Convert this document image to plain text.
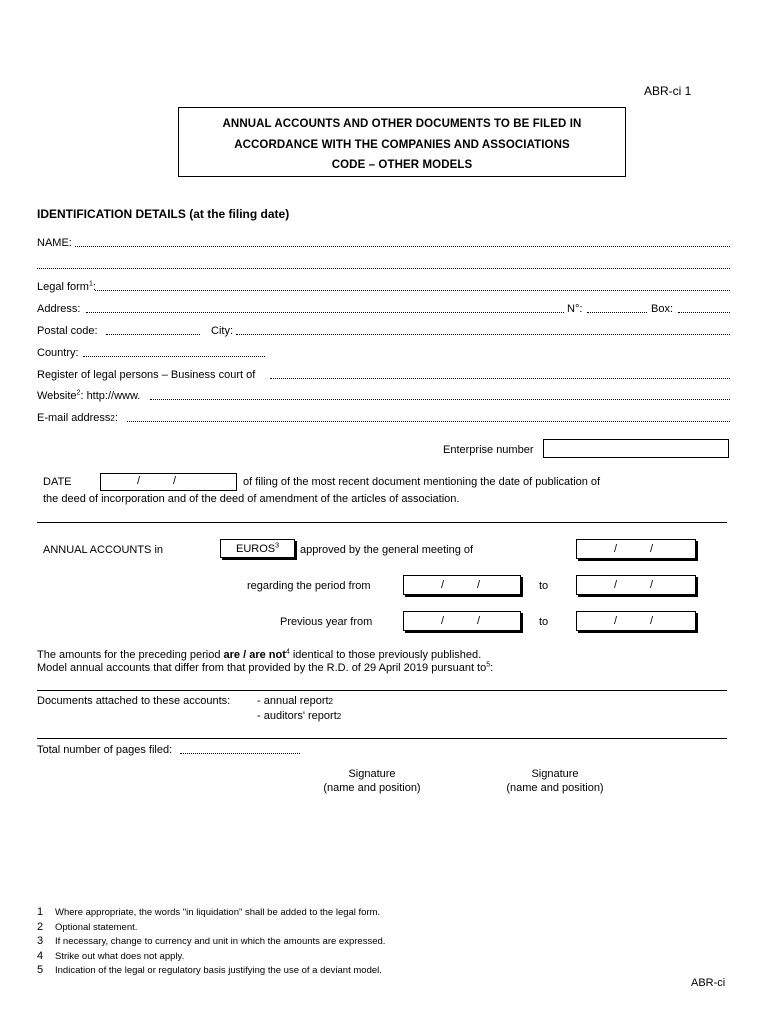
ABR-ci 1
ANNUAL ACCOUNTS AND OTHER DOCUMENTS TO BE FILED IN
ACCORDANCE WITH THE COMPANIES AND ASSOCIATIONS
CODE – OTHER MODELS
IDENTIFICATION DETAILS (at the filing date)
NAME:
Legal form$^1$:
Address:	N°:	Box:
Postal code:	City:
Country:
Register of legal persons – Business court of
Website$^2$: http://www.
E-mail address2:
Enterprise number
DATE	/	/	of filing of the most recent document mentioning the date of publication of
the deed of incorporation and of the deed of amendment of the articles of association.
ANNUAL ACCOUNTS in	EUROS$^3$	approved by the general meeting of	/	/
regarding the period from	/	/	to	/	/
Previous year from	/	/	to	/	/
The amounts for the preceding period are / are not$^4$ identical to those previously published.
Model annual accounts that differ from that provided by the R.D. of 29 April 2019 pursuant $to^5$:
Documents attached to these accounts: - annual report2
- auditors' report2
Total number of pages filed:
Signature
(name and position)
Signature
(name and position)
1 Where appropriate, the words "in liquidation" shall be added to the legal form.
2 Optional statement.
3 If necessary, change to currency and unit in which the amounts are expressed.
4 Strike out what does not apply.
5 Indication of the legal or regulatory basis justifying the use of a deviant model.
ABR-ci
